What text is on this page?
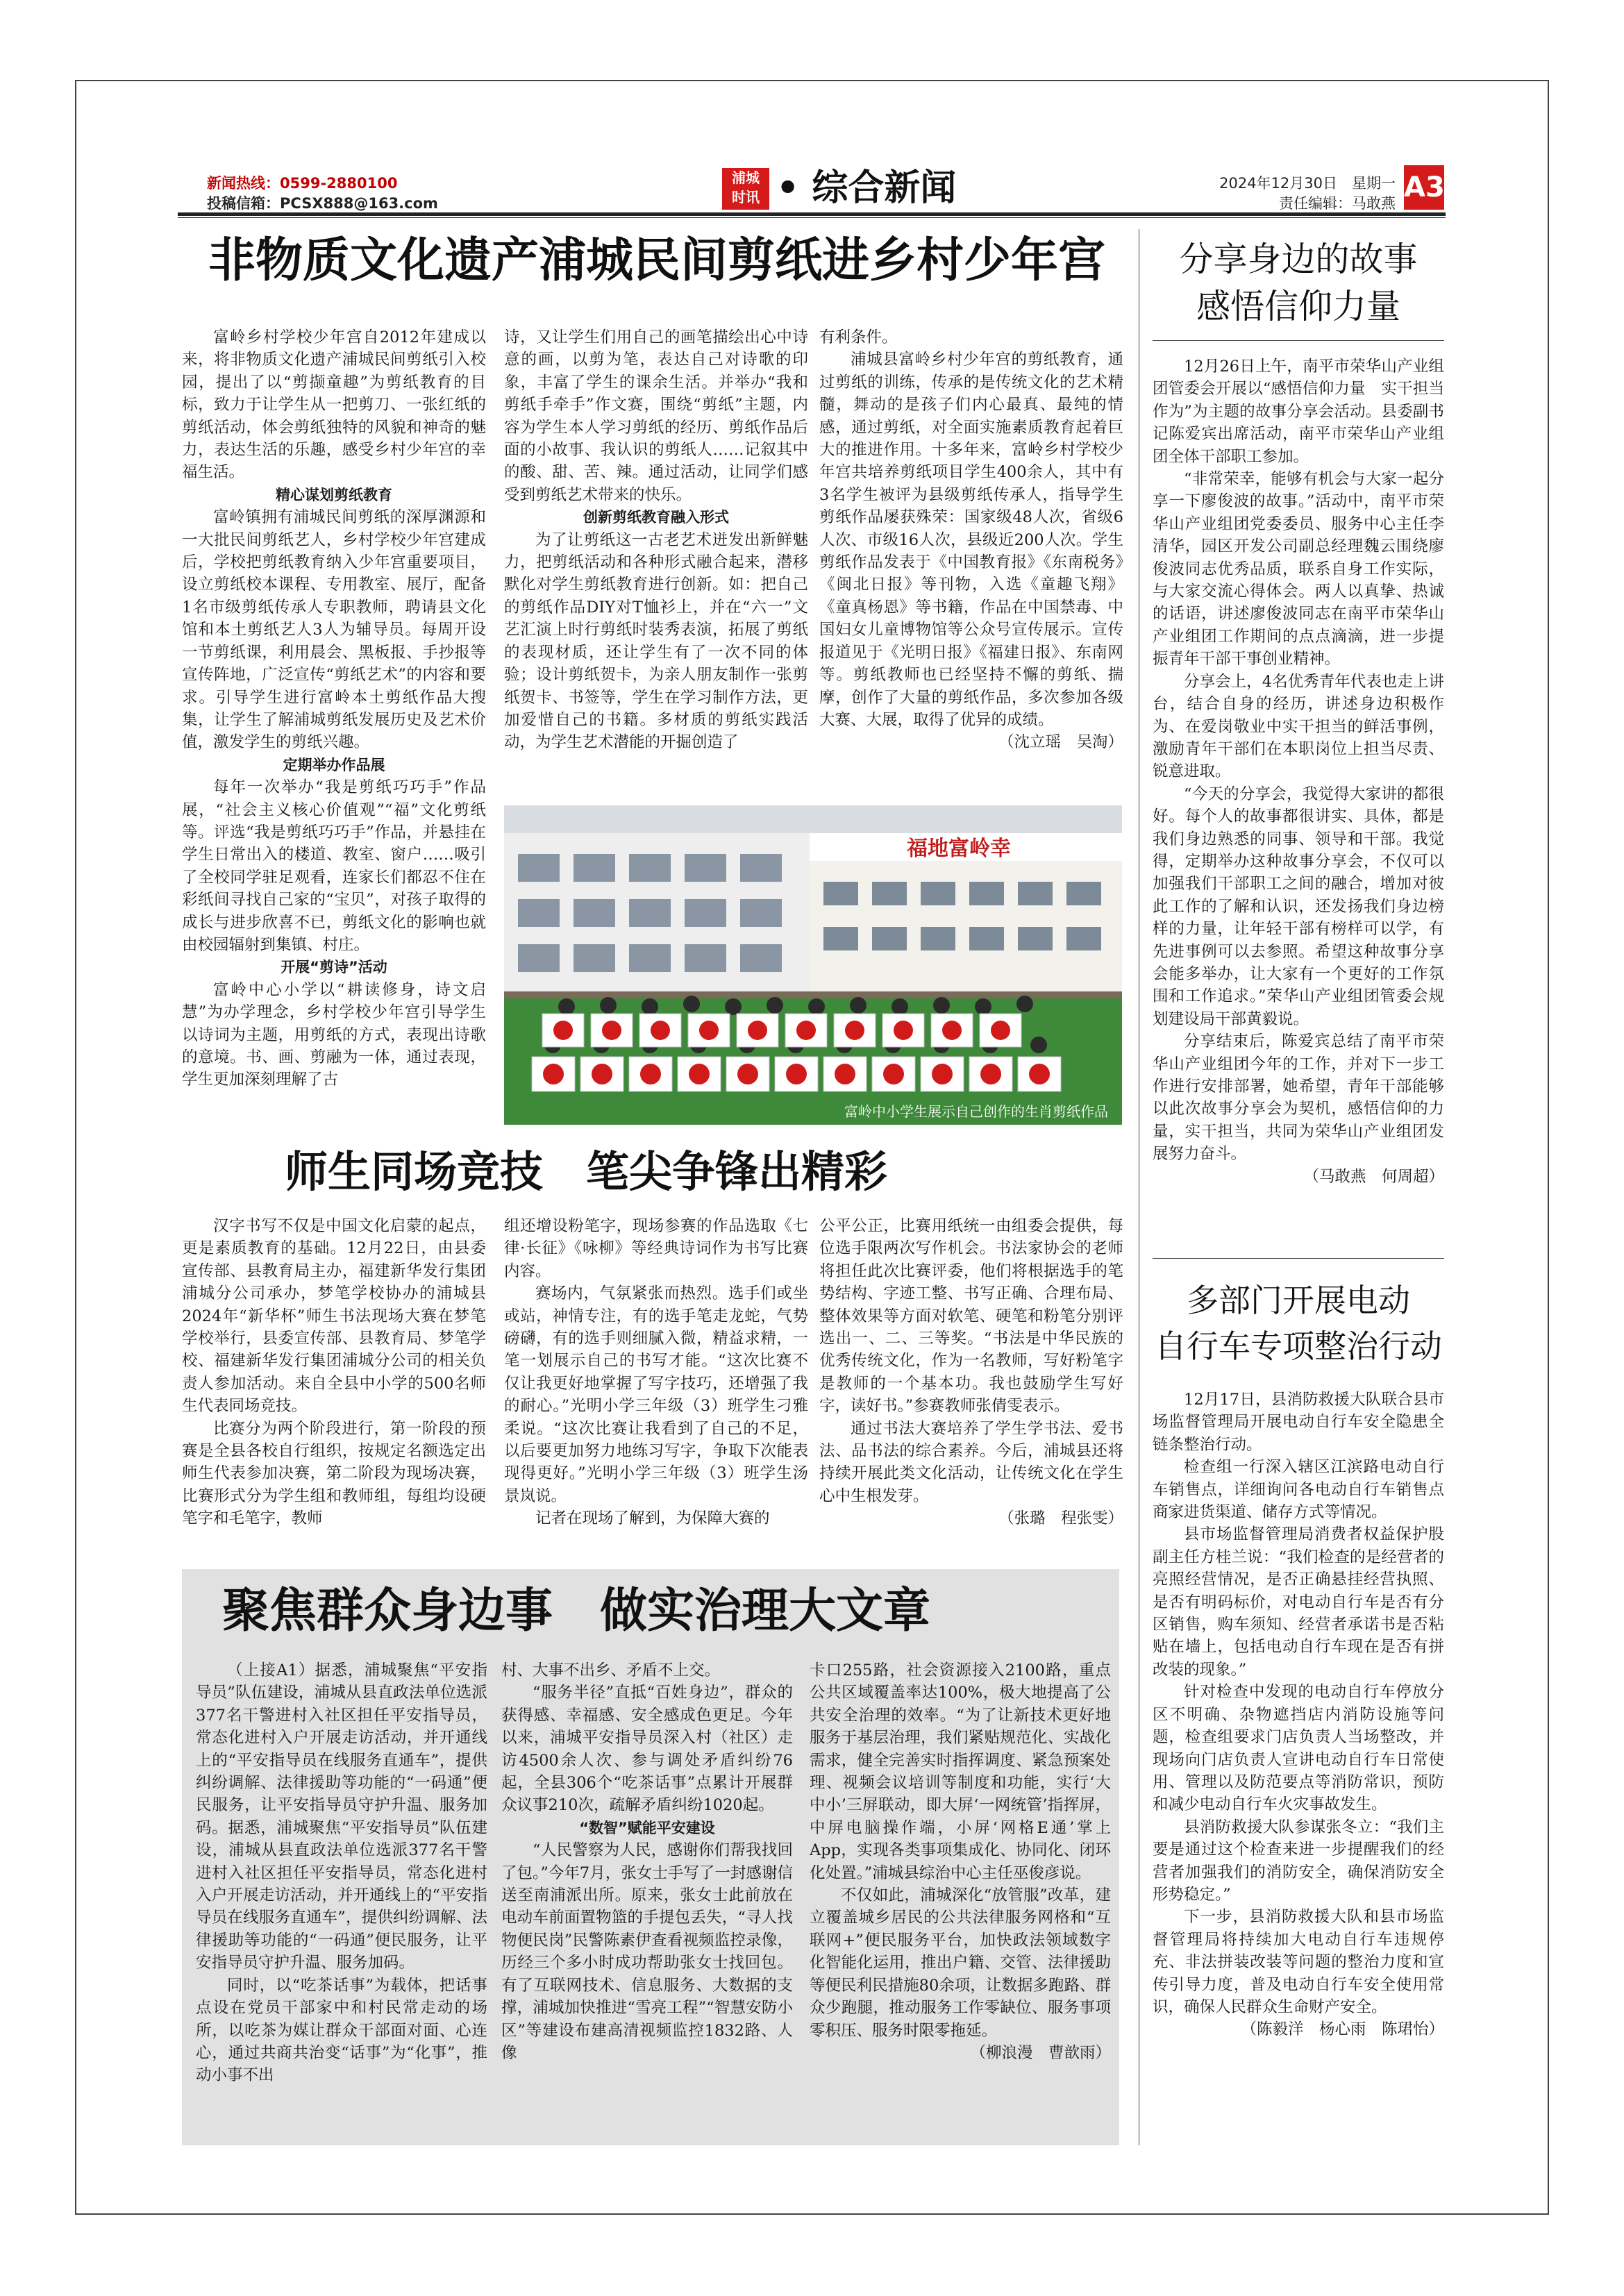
新闻热线：0599-2880100
投稿信箱：PCSX888@163.com
浦城
时讯 • 综合新闻	2024年12月30日　星期一
责任编辑：马敢燕 A3
非物质文化遗产浦城民间剪纸进乡村少年宫

富岭乡村学校少年宫自2012年建成以来，将非物质文化遗产浦城民间剪纸引入校园，提出了以“剪撷童趣”为剪纸教育的目标，致力于让学生从一把剪刀、一张红纸的剪纸活动，体会剪纸独特的风貌和神奇的魅力，表达生活的乐趣，感受乡村少年宫的幸福生活。

精心谋划剪纸教育

富岭镇拥有浦城民间剪纸的深厚渊源和一大批民间剪纸艺人，乡村学校少年宫建成后，学校把剪纸教育纳入少年宫重要项目，设立剪纸校本课程、专用教室、展厅，配备1名市级剪纸传承人专职教师，聘请县文化馆和本土剪纸艺人3人为辅导员。每周开设一节剪纸课，利用晨会、黑板报、手抄报等宣传阵地，广泛宣传“剪纸艺术”的内容和要求。引导学生进行富岭本土剪纸作品大搜集，让学生了解浦城剪纸发展历史及艺术价值，激发学生的剪纸兴趣。

定期举办作品展

每年一次举办“我是剪纸巧巧手”作品展，“社会主义核心价值观”“福”文化剪纸等。评选“我是剪纸巧巧手”作品，并悬挂在学生日常出入的楼道、教室、窗户……吸引了全校同学驻足观看，连家长们都忍不住在彩纸间寻找自己家的“宝贝”，对孩子取得的成长与进步欣喜不已，剪纸文化的影响也就由校园辐射到集镇、村庄。

开展“剪诗”活动

富岭中心小学以“耕读修身，诗文启慧”为办学理念，乡村学校少年宫引导学生以诗词为主题，用剪纸的方式，表现出诗歌的意境。书、画、剪融为一体，通过表现，学生更加深刻理解了古

诗，又让学生们用自己的画笔描绘出心中诗意的画，以剪为笔，表达自己对诗歌的印象，丰富了学生的课余生活。并举办“我和剪纸手牵手”作文赛，围绕“剪纸”主题，内容为学生本人学习剪纸的经历、剪纸作品后面的小故事、我认识的剪纸人……记叙其中的酸、甜、苦、辣。通过活动，让同学们感受到剪纸艺术带来的快乐。

创新剪纸教育融入形式

为了让剪纸这一古老艺术迸发出新鲜魅力，把剪纸活动和各种形式融合起来，潜移默化对学生剪纸教育进行创新。如：把自己的剪纸作品DIY对T恤衫上，并在“六一”文艺汇演上时行剪纸时装秀表演，拓展了剪纸的表现材质，还让学生有了一次不同的体验；设计剪纸贺卡，为亲人朋友制作一张剪纸贺卡、书签等，学生在学习制作方法，更加爱惜自己的书籍。多材质的剪纸实践活动，为学生艺术潜能的开掘创造了

有利条件。

浦城县富岭乡村少年宫的剪纸教育，通过剪纸的训练，传承的是传统文化的艺术精髓，舞动的是孩子们内心最真、最纯的情感，通过剪纸，对全面实施素质教育起着巨大的推进作用。十多年来，富岭乡村学校少年宫共培养剪纸项目学生400余人，其中有3名学生被评为县级剪纸传承人，指导学生剪纸作品屡获殊荣：国家级48人次，省级6人次、市级16人次，县级近200人次。学生剪纸作品发表于《中国教育报》《东南税务》《闽北日报》等刊物，入选《童趣飞翔》《童真杨恩》等书籍，作品在中国禁毒、中国妇女儿童博物馆等公众号宣传展示。宣传报道见于《光明日报》《福建日报》、东南网等。剪纸教师也已经坚持不懈的剪纸、揣摩，创作了大量的剪纸作品，多次参加各级大赛、大展，取得了优异的成绩。

（沈立瑶　吴淘）

福地富岭幸
富岭中小学生展示自己创作的生肖剪纸作品
师生同场竞技　笔尖争锋出精彩

汉字书写不仅是中国文化启蒙的起点，更是素质教育的基础。12月22日，由县委宣传部、县教育局主办，福建新华发行集团浦城分公司承办，梦笔学校协办的浦城县2024年“新华杯”师生书法现场大赛在梦笔学校举行，县委宣传部、县教育局、梦笔学校、福建新华发行集团浦城分公司的相关负责人参加活动。来自全县中小学的500名师生代表同场竞技。

比赛分为两个阶段进行，第一阶段的预赛是全县各校自行组织，按规定名额选定出师生代表参加决赛，第二阶段为现场决赛，比赛形式分为学生组和教师组，每组均设硬笔字和毛笔字，教师

组还增设粉笔字，现场参赛的作品选取《七律·长征》《咏柳》等经典诗词作为书写比赛内容。

赛场内，气氛紧张而热烈。选手们或坐或站，神情专注，有的选手笔走龙蛇，气势磅礴，有的选手则细腻入微，精益求精，一笔一划展示自己的书写才能。“这次比赛不仅让我更好地掌握了写字技巧，还增强了我的耐心。”光明小学三年级（3）班学生刁雅柔说。“这次比赛让我看到了自己的不足，以后要更加努力地练习写字，争取下次能表现得更好。”光明小学三年级（3）班学生汤景岚说。

记者在现场了解到，为保障大赛的

公平公正，比赛用纸统一由组委会提供，每位选手限两次写作机会。书法家协会的老师将担任此次比赛评委，他们将根据选手的笔势结构、字迹工整、书写正确、合理布局、整体效果等方面对软笔、硬笔和粉笔分别评选出一、二、三等奖。“书法是中华民族的优秀传统文化，作为一名教师，写好粉笔字是教师的一个基本功。我也鼓励学生写好字，读好书。”参赛教师张倩雯表示。

通过书法大赛培养了学生学书法、爱书法、品书法的综合素养。今后，浦城县还将持续开展此类文化活动，让传统文化在学生心中生根发芽。

（张璐　程张雯）

聚焦群众身边事　做实治理大文章

（上接A1）据悉，浦城聚焦“平安指导员”队伍建设，浦城从县直政法单位选派377名干警进村入社区担任平安指导员，常态化进村入户开展走访活动，并开通线上的“平安指导员在线服务直通车”，提供纠纷调解、法律援助等功能的“一码通”便民服务，让平安指导员守护升温、服务加码。据悉，浦城聚焦“平安指导员”队伍建设，浦城从县直政法单位选派377名干警进村入社区担任平安指导员，常态化进村入户开展走访活动，并开通线上的“平安指导员在线服务直通车”，提供纠纷调解、法律援助等功能的“一码通”便民服务，让平安指导员守护升温、服务加码。

同时，以“吃茶话事”为载体，把话事点设在党员干部家中和村民常走动的场所，以吃茶为媒让群众干部面对面、心连心，通过共商共治变“话事”为“化事”，推动小事不出

村、大事不出乡、矛盾不上交。

“服务半径”直抵“百姓身边”，群众的获得感、幸福感、安全感成色更足。今年以来，浦城平安指导员深入村（社区）走访4500余人次、参与调处矛盾纠纷76起，全县306个“吃茶话事”点累计开展群众议事210次，疏解矛盾纠纷1020起。

“数智”赋能平安建设

“人民警察为人民，感谢你们帮我找回了包。”今年7月，张女士手写了一封感谢信送至南浦派出所。原来，张女士此前放在电动车前面置物篮的手提包丢失，“寻人找物便民岗”民警陈素伊查看视频监控录像，历经三个多小时成功帮助张女士找回包。有了互联网技术、信息服务、大数据的支撑，浦城加快推进“雪亮工程”“智慧安防小区”等建设布建高清视频监控1832路、人像

卡口255路，社会资源接入2100路，重点公共区域覆盖率达100%，极大地提高了公共安全治理的效率。“为了让新技术更好地服务于基层治理，我们紧贴规范化、实战化需求，健全完善实时指挥调度、紧急预案处理、视频会议培训等制度和功能，实行‘大中小’三屏联动，即大屏‘一网统管’指挥屏，中屏电脑操作端，小屏‘网格E通’掌上App，实现各类事项集成化、协同化、闭环化处置。”浦城县综治中心主任巫俊彦说。

不仅如此，浦城深化“放管服”改革，建立覆盖城乡居民的公共法律服务网格和“互联网+”便民服务平台，加快政法领域数字化智能化运用，推出户籍、交管、法律援助等便民利民措施80余项，让数据多跑路、群众少跑腿，推动服务工作零缺位、服务事项零积压、服务时限零拖延。

（柳浪漫　曹歆雨）

分享身边的故事
感悟信仰力量

12月26日上午，南平市荣华山产业组团管委会开展以“感悟信仰力量　实干担当作为”为主题的故事分享会活动。县委副书记陈爱宾出席活动，南平市荣华山产业组团全体干部职工参加。

“非常荣幸，能够有机会与大家一起分享一下廖俊波的故事。”活动中，南平市荣华山产业组团党委委员、服务中心主任李清华，园区开发公司副总经理魏云围绕廖俊波同志优秀品质，联系自身工作实际，与大家交流心得体会。两人以真挚、热诚的话语，讲述廖俊波同志在南平市荣华山产业组团工作期间的点点滴滴，进一步提振青年干部干事创业精神。

分享会上，4名优秀青年代表也走上讲台，结合自身的经历，讲述身边积极作为、在爱岗敬业中实干担当的鲜活事例，激励青年干部们在本职岗位上担当尽责、锐意进取。

“今天的分享会，我觉得大家讲的都很好。每个人的故事都很讲实、具体，都是我们身边熟悉的同事、领导和干部。我觉得，定期举办这种故事分享会，不仅可以加强我们干部职工之间的融合，增加对彼此工作的了解和认识，还发扬我们身边榜样的力量，让年轻干部有榜样可以学，有先进事例可以去参照。希望这种故事分享会能多举办，让大家有一个更好的工作氛围和工作追求。”荣华山产业组团管委会规划建设局干部黄毅说。

分享结束后，陈爱宾总结了南平市荣华山产业组团今年的工作，并对下一步工作进行安排部署，她希望，青年干部能够以此次故事分享会为契机，感悟信仰的力量，实干担当，共同为荣华山产业组团发展努力奋斗。

（马敢燕　何周超）

多部门开展电动
自行车专项整治行动

12月17日，县消防救援大队联合县市场监督管理局开展电动自行车安全隐患全链条整治行动。

检查组一行深入辖区江滨路电动自行车销售点，详细询问各电动自行车销售点商家进货渠道、储存方式等情况。

县市场监督管理局消费者权益保护股副主任方桂兰说：“我们检查的是经营者的亮照经营情况，是否正确悬挂经营执照、是否有明码标价，对电动自行车是否有分区销售，购车须知、经营者承诺书是否粘贴在墙上，包括电动自行车现在是否有拼改装的现象。”

针对检查中发现的电动自行车停放分区不明确、杂物遮挡店内消防设施等问题，检查组要求门店负责人当场整改，并现场向门店负责人宣讲电动自行车日常使用、管理以及防范要点等消防常识，预防和减少电动自行车火灾事故发生。

县消防救援大队参谋张冬立：“我们主要是通过这个检查来进一步提醒我们的经营者加强我们的消防安全，确保消防安全形势稳定。”

下一步，县消防救援大队和县市场监督管理局将持续加大电动自行车违规停充、非法拼装改装等问题的整治力度和宣传引导力度，普及电动自行车安全使用常识，确保人民群众生命财产安全。

（陈毅洋　杨心雨　陈珺怡）
